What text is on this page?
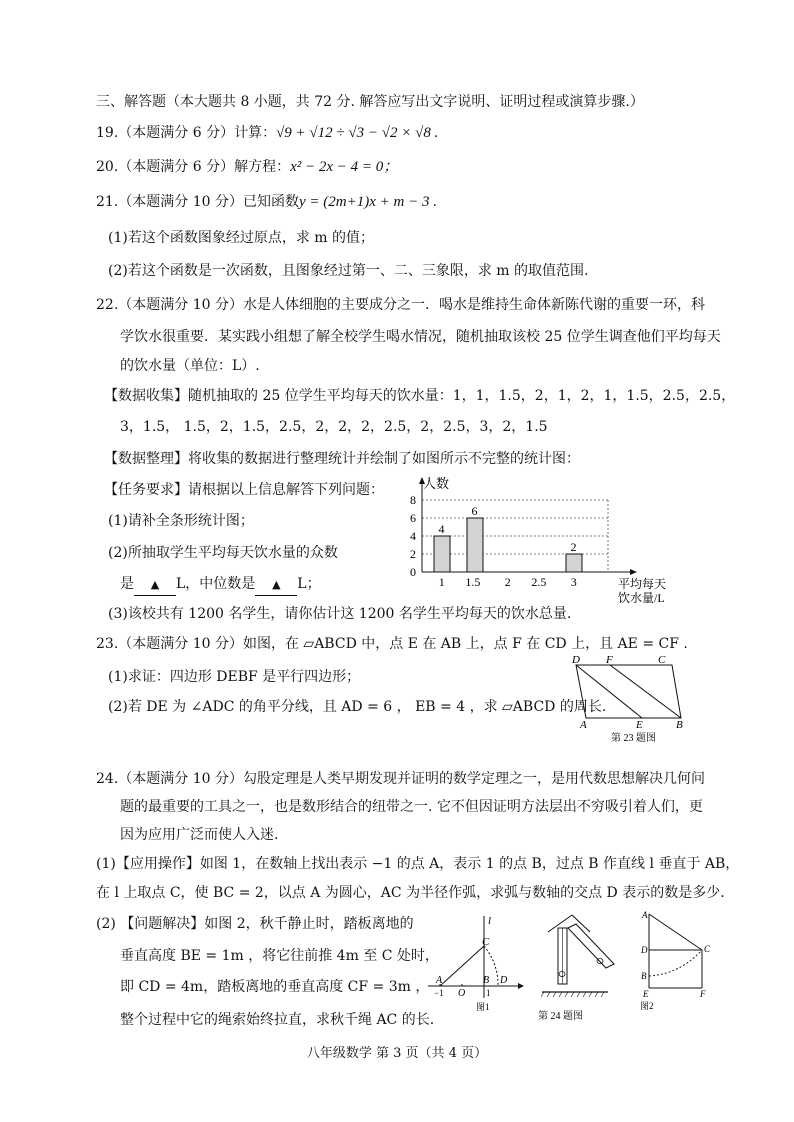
三、解答题（本大题共 8 小题，共 72 分. 解答应写出文字说明、证明过程或演算步骤.）
19.（本题满分 6 分）计算：√9 + √12 ÷ √3 − √2 × √8 .
20.（本题满分 6 分）解方程：x² − 2x − 4 = 0；
21.（本题满分 10 分）已知函数y = (2m+1)x + m − 3 .
(1)若这个函数图象经过原点，求 m 的值；
(2)若这个函数是一次函数，且图象经过第一、二、三象限，求 m 的取值范围.
22.（本题满分 10 分）水是人体细胞的主要成分之一．喝水是维持生命体新陈代谢的重要一环，科
学饮水很重要．某实践小组想了解全校学生喝水情况，随机抽取该校 25 位学生调查他们平均每天
的饮水量（单位：L）.
【数据收集】随机抽取的 25 位学生平均每天的饮水量：1，1，1.5，2，1，2，1，1.5，2.5，2.5，
3，1.5， 1.5，2，1.5，2.5，2，2，2，2.5，2，2.5，3，2，1.5
【数据整理】将收集的数据进行整理统计并绘制了如图所示不完整的统计图：
【任务要求】请根据以上信息解答下列问题：
(1)请补全条形统计图；
(2)所抽取学生平均每天饮水量的众数
是 ▲ L，中位数是 ▲ L；
(3)该校共有 1200 名学生，请你估计这 1200 名学生平均每天的饮水总量.
0
2
4
6
8
人数
平均每天
饮水量/L
4
1
6
1.5 2 2.5
2
3
23.（本题满分 10 分）如图，在 ▱ABCD 中，点 E 在 AB 上，点 F 在 CD 上，且 AE = CF .
(1)求证：四边形 DEBF 是平行四边形；
(2)若 DE 为 ∠ADC 的角平分线，且 AD = 6 ， EB = 4 ，求 ▱ABCD 的周长.
D F	C
A	E	B
第 23 题图
24.（本题满分 10 分）勾股定理是人类早期发现并证明的数学定理之一，是用代数思想解决几何问
题的最重要的工具之一，也是数形结合的纽带之一. 它不但因证明方法层出不穷吸引着人们，更
因为应用广泛而使人入迷.
(1)【应用操作】如图 1，在数轴上找出表示 −1 的点 A，表示 1 的点 B，过点 B 作直线 l 垂直于 AB，
在 l 上取点 C，使 BC = 2，以点 A 为圆心，AC 为半径作弧，求弧与数轴的交点 D 表示的数是多少.
(2) 【问题解决】如图 2，秋千静止时，踏板离地的
垂直高度 BE = 1m ，将它往前推 4m 至 C 处时，
即 CD = 4m，踏板离地的垂直高度 CF = 3m ，
整个过程中它的绳索始终拉直，求秋千绳 AC 的长.
l
C
A	B D
−1 O 1
图1
第 24 题图
A
D	C
B
E	F
图2
八年级数学 第 3 页（共 4 页）
